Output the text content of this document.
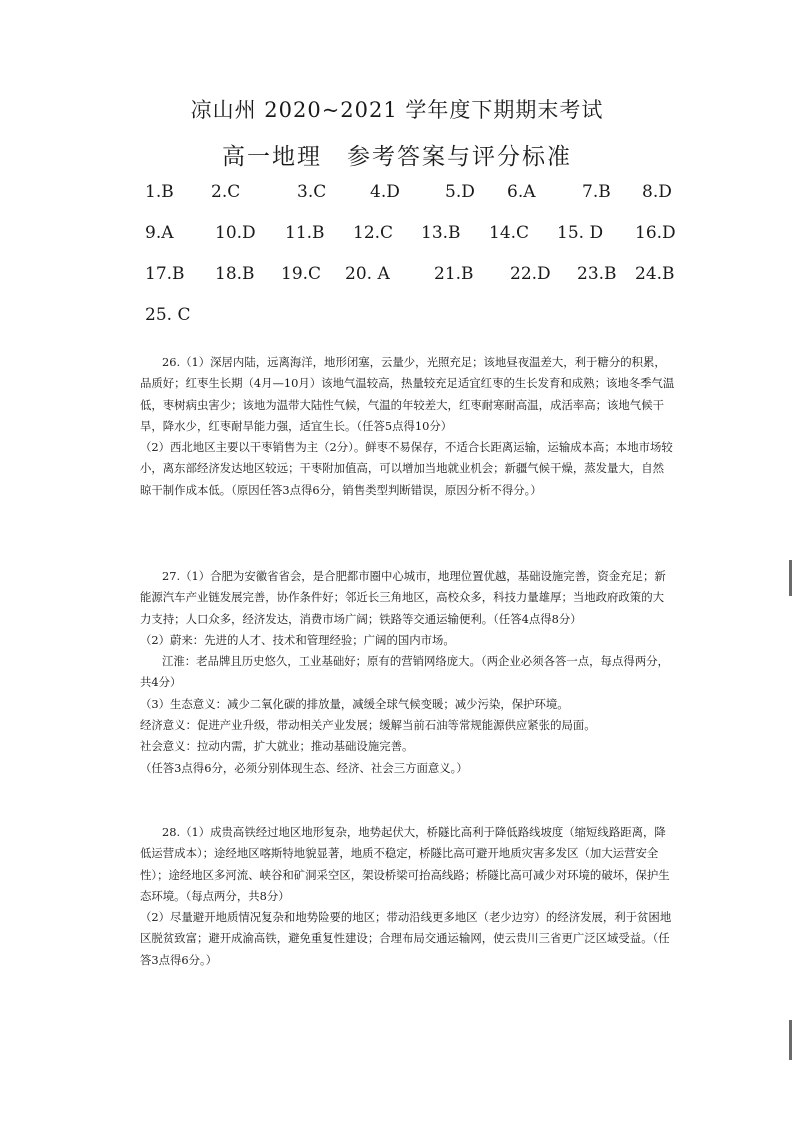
凉山州 2020~2021 学年度下期期末考试
高一地理　参考答案与评分标准
1.B 2.C	3.C	4.D	5.D 6.A	7.B 8.D
9.A 10.D 11.B 12.C 13.B 14.C 15. D 16.D
17.B 18.B 19.C 20. A	21.B 22.D 23.B 24.B
25. C

26.（1）深居内陆，远离海洋，地形闭塞，云量少，光照充足；该地昼夜温差大，利于糖分的积累，品质好；红枣生长期（4月—10月）该地气温较高，热量较充足适宜红枣的生长发育和成熟；该地冬季气温低，枣树病虫害少；该地为温带大陆性气候，气温的年较差大，红枣耐寒耐高温，成活率高；该地气候干旱，降水少，红枣耐旱能力强，适宜生长。（任答5点得10分）

（2）西北地区主要以干枣销售为主（2分）。鲜枣不易保存，不适合长距离运输，运输成本高；本地市场较小，离东部经济发达地区较远；干枣附加值高，可以增加当地就业机会；新疆气候干燥，蒸发量大，自然晾干制作成本低。（原因任答3点得6分，销售类型判断错误，原因分析不得分。）

27.（1）合肥为安徽省省会，是合肥都市圈中心城市，地理位置优越，基础设施完善，资金充足；新能源汽车产业链发展完善，协作条件好；邻近长三角地区，高校众多，科技力量雄厚；当地政府政策的大力支持；人口众多，经济发达，消费市场广阔；铁路等交通运输便利。（任答4点得8分）

（2）蔚来：先进的人才、技术和管理经验；广阔的国内市场。

江淮：老品牌且历史悠久，工业基础好；原有的营销网络庞大。（两企业必须各答一点，每点得两分，共4分）

（3）生态意义：减少二氧化碳的排放量，减缓全球气候变暖；减少污染，保护环境。

经济意义：促进产业升级，带动相关产业发展；缓解当前石油等常规能源供应紧张的局面。

社会意义：拉动内需，扩大就业；推动基础设施完善。

（任答3点得6分，必须分别体现生态、经济、社会三方面意义。）

28.（1）成贵高铁经过地区地形复杂，地势起伏大，桥隧比高利于降低路线坡度（缩短线路距离，降低运营成本）；途经地区喀斯特地貌显著，地质不稳定，桥隧比高可避开地质灾害多发区（加大运营安全性）；途经地区多河流、峡谷和矿洞采空区，架设桥梁可抬高线路；桥隧比高可减少对环境的破坏，保护生态环境。（每点两分，共8分）

（2）尽量避开地质情况复杂和地势险要的地区；带动沿线更多地区（老少边穷）的经济发展，利于贫困地区脱贫致富；避开成渝高铁，避免重复性建设；合理布局交通运输网，使云贵川三省更广泛区域受益。（任答3点得6分。）
